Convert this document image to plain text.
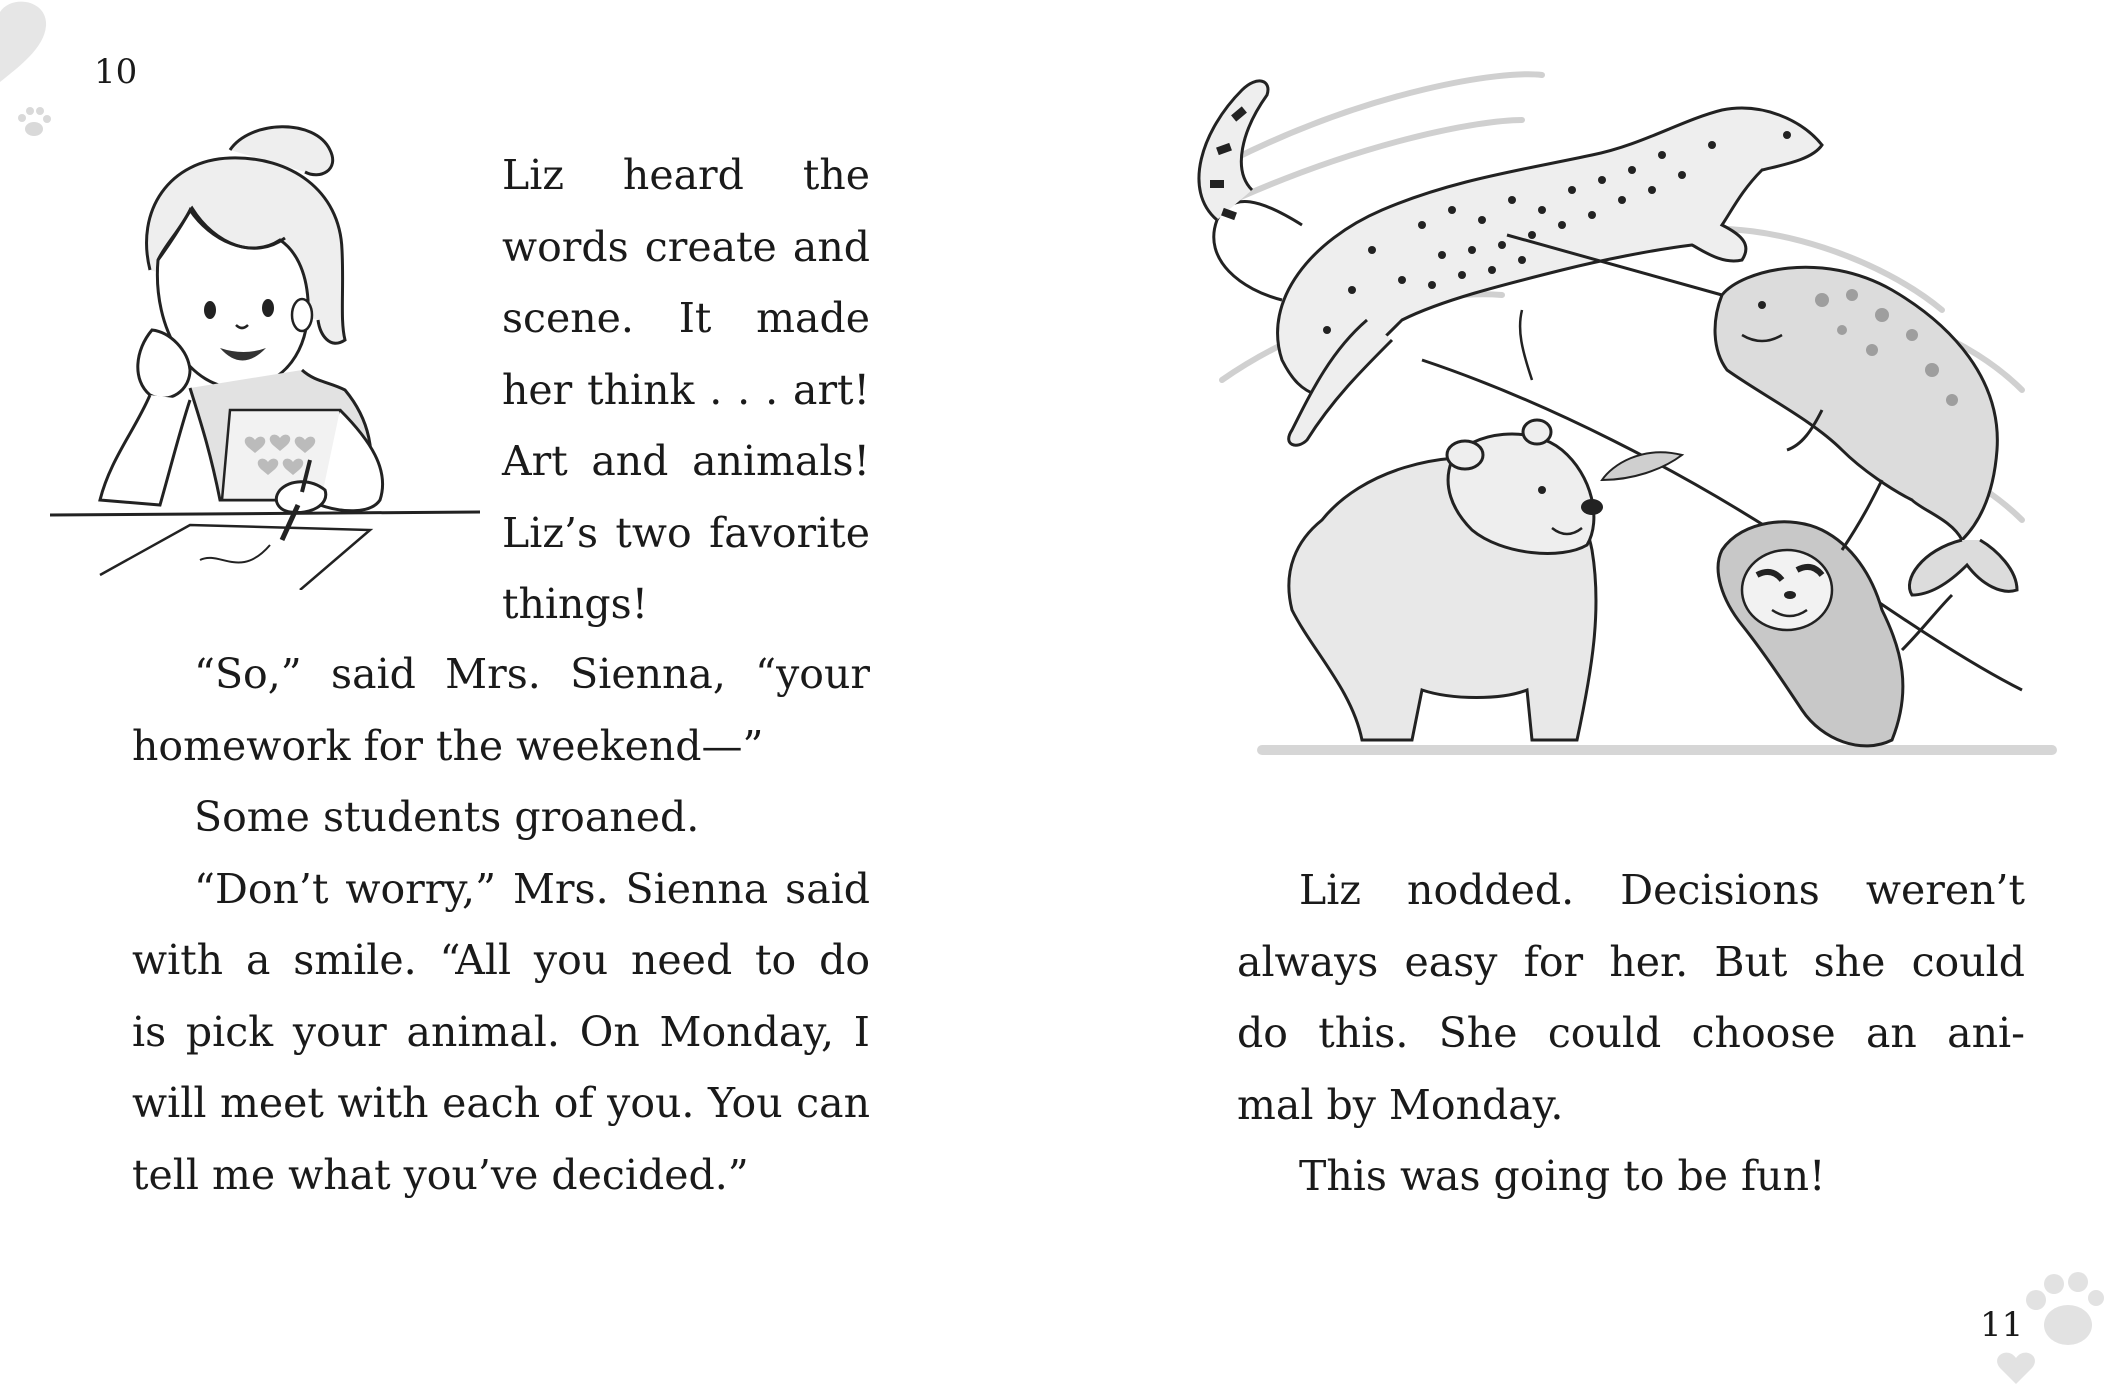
10

Liz heard the
words create and
scene. It made
her think . . . art!
Art and animals!
Liz’s two favorite
things!

“So,” said Mrs. Sienna, “your
homework for the weekend—”

Some students groaned.

“Don’t worry,” Mrs. Sienna said
with a smile. “All you need to do
is pick your animal. On Monday, I
will meet with each of you. You can
tell me what you’ve decided.”

Liz nodded. Decisions weren’t
always easy for her. But she could
do this. She could choose an ani-
mal by Monday.

This was going to be fun!

11
